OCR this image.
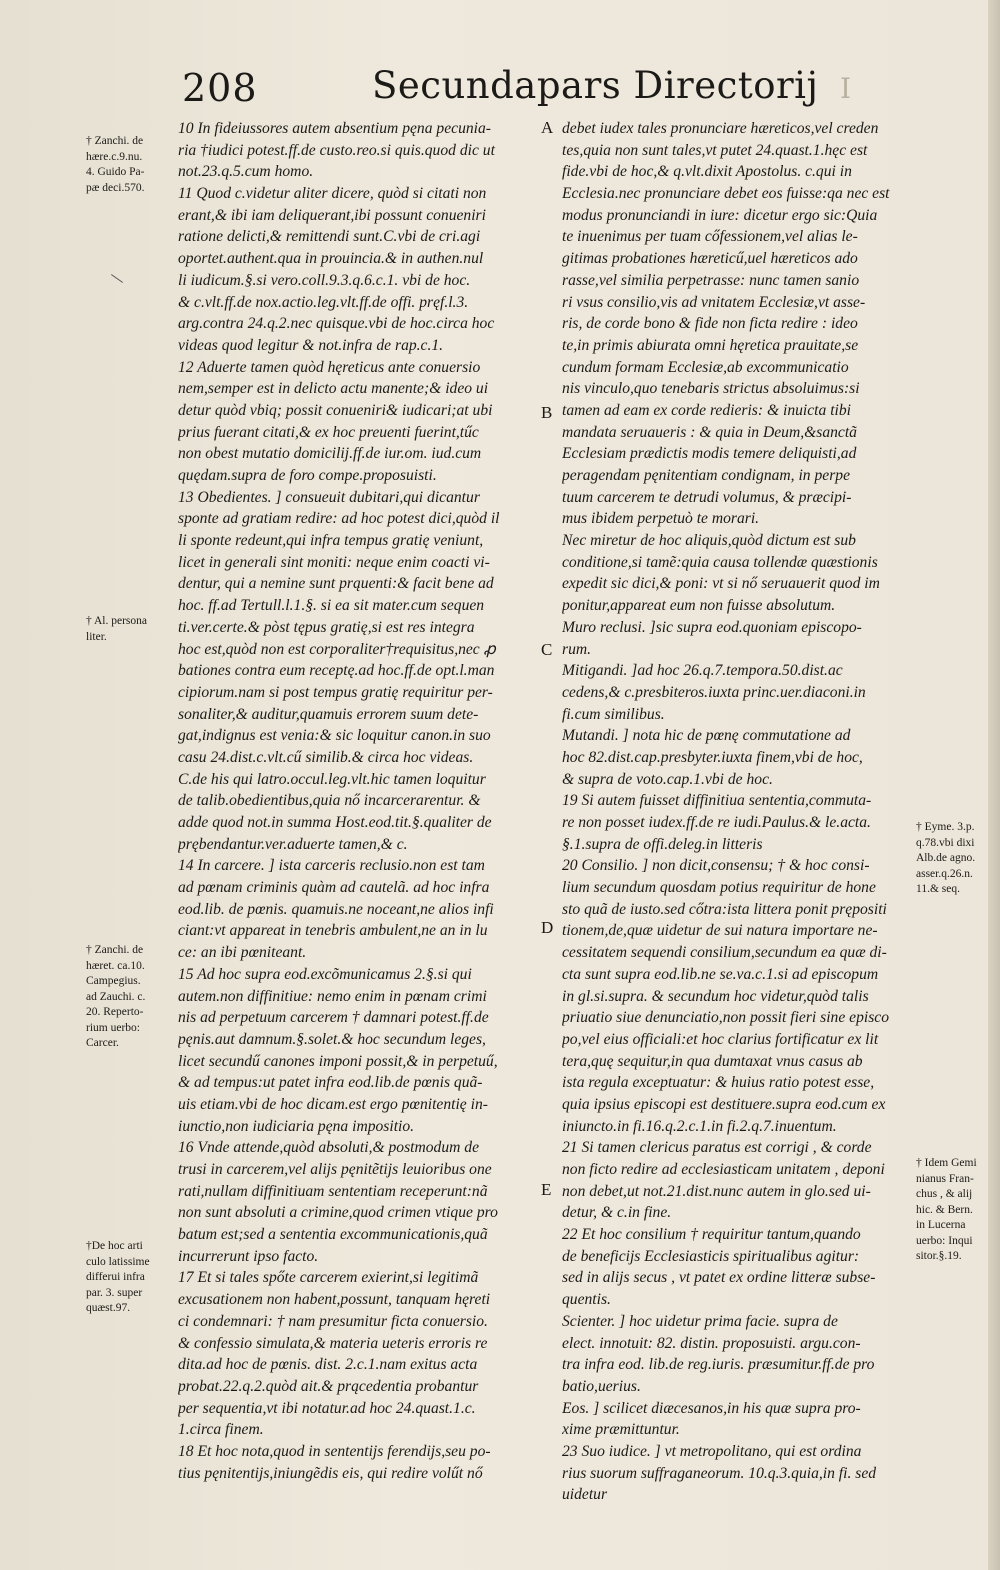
208	Secundapars Directorij I
10 In fideiussores autem absentium pęna pecunia-
ria †iudici potest.ff.de custo.reo.si quis.quod dic ut
not.23.q.5.cum homo.
11 Quod c.videtur aliter dicere, quòd si citati non
erant,& ibi iam deliquerant,ibi possunt conueniri
ratione delicti,& remittendi sunt.C.vbi de cri.agi
oportet.authent.qua in prouincia.& in authen.nul
li iudicum.§.si vero.coll.9.3.q.6.c.1. vbi de hoc.
& c.vlt.ff.de nox.actio.leg.vlt.ff.de offi. pręf.l.3.
arg.contra 24.q.2.nec quisque.vbi de hoc.circa hoc
videas quod legitur & not.infra de rap.c.1.
12 Aduerte tamen quòd hęreticus ante conuersio
nem,semper est in delicto actu manente;& ideo ui
detur quòd vbiq; possit conueniri& iudicari;at ubi
prius fuerant citati,& ex hoc preuenti fuerint,tűc
non obest mutatio domicilij.ff.de iur.om. iud.cum
quędam.supra de foro compe.proposuisti.
13 Obedientes. ] consueuit dubitari,qui dicantur
sponte ad gratiam redire: ad hoc potest dici,quòd il
li sponte redeunt,qui infra tempus gratię veniunt,
licet in generali sint moniti: neque enim coacti vi-
dentur, qui a nemine sunt prąuenti:& facit bene ad
hoc. ff.ad Tertull.l.1.§. si ea sit mater.cum sequen
ti.ver.certe.& pòst tępus gratię,si est res integra
hoc est,quòd non est corporaliter†requisitus,nec ꝓ
bationes contra eum receptę.ad hoc.ff.de opt.l.man
cipiorum.nam si post tempus gratię requiritur per-
sonaliter,& auditur,quamuis errorem suum dete-
gat,indignus est venia:& sic loquitur canon.in suo
casu 24.dist.c.vlt.cű similib.& circa hoc videas.
C.de his qui latro.occul.leg.vlt.hic tamen loquitur
de talib.obedientibus,quia nő incarcerarentur. &
adde quod not.in summa Host.eod.tit.§.qualiter de
prębendantur.ver.aduerte tamen,& c.
14 In carcere. ] ista carceris reclusio.non est tam
ad pœnam criminis quàm ad cautelã. ad hoc infra
eod.lib. de pœnis. quamuis.ne noceant,ne alios infi
ciant:vt appareat in tenebris ambulent,ne an in lu
ce: an ibi pœniteant.
15 Ad hoc supra eod.excõmunicamus 2.§.si qui
autem.non diffinitiue: nemo enim in pœnam crimi
nis ad perpetuum carcerem † damnari potest.ff.de
pęnis.aut damnum.§.solet.& hoc secundum leges,
licet secundű canones imponi possit,& in perpetuű,
& ad tempus:ut patet infra eod.lib.de pœnis quã-
uis etiam.vbi de hoc dicam.est ergo pœnitentię in-
iunctio,non iudiciaria pęna impositio.
16 Vnde attende,quòd absoluti,& postmodum de
trusi in carcerem,vel alijs pęnitẽtijs leuioribus one
rati,nullam diffinitiuam sententiam receperunt:nã
non sunt absoluti a crimine,quod crimen vtique pro
batum est;sed a sententia excommunicationis,quã
incurrerunt ipso facto.
17 Et si tales spőte carcerem exierint,si legitimã
excusationem non habent,possunt, tanquam hęreti
ci condemnari: † nam presumitur ficta conuersio.
& confessio simulata,& materia ueteris erroris re
dita.ad hoc de pœnis. dist. 2.c.1.nam exitus acta
probat.22.q.2.quòd ait.& prącedentia probantur
per sequentia,vt ibi notatur.ad hoc 24.quast.1.c.
1.circa finem.
18 Et hoc nota,quod in sententijs ferendijs,seu po-
tius pęnitentijs,iniungẽdis eis, qui redire volűt nő
debet iudex tales pronunciare hæreticos,vel creden
tes,quia non sunt tales,vt putet 24.quast.1.hęc est
fide.vbi de hoc,& q.vlt.dixit Apostolus. c.qui in
Ecclesia.nec pronunciare debet eos fuisse:qa nec est
modus pronunciandi in iure: dicetur ergo sic:Quia
te inuenimus per tuam cőfessionem,vel alias le-
gitimas probationes hæreticű,uel hæreticos ado
rasse,vel similia perpetrasse: nunc tamen sanio
ri vsus consilio,vis ad vnitatem Ecclesiæ,vt asse-
ris, de corde bono & fide non ficta redire : ideo
te,in primis abiurata omni hęretica prauitate,se
cundum formam Ecclesiæ,ab excommunicatio
nis vinculo,quo tenebaris strictus absoluimus:si
tamen ad eam ex corde redieris: & inuicta tibi
mandata seruaueris : & quia in Deum,&sanctã
Ecclesiam prædictis modis temere deliquisti,ad
peragendam pęnitentiam condignam, in perpe
tuum carcerem te detrudi volumus, & præcipi-
mus ibidem perpetuò te morari.
Nec miretur de hoc aliquis,quòd dictum est sub
conditione,si tamẽ:quia causa tollendæ quæstionis
expedit sic dici,& poni: vt si nő seruauerit quod im
ponitur,appareat eum non fuisse absolutum.
Muro reclusi. ]sic supra eod.quoniam episcopo-
rum.
Mitigandi. ]ad hoc 26.q.7.tempora.50.dist.ac
cedens,& c.presbiteros.iuxta princ.uer.diaconi.in
fi.cum similibus.
Mutandi. ] nota hic de pœnę commutatione ad
hoc 82.dist.cap.presbyter.iuxta finem,vbi de hoc,
& supra de voto.cap.1.vbi de hoc.
19 Si autem fuisset diffinitiua sententia,commuta-
re non posset iudex.ff.de re iudi.Paulus.& le.acta.
§.1.supra de offi.deleg.in litteris
20 Consilio. ] non dicit,consensu; † & hoc consi-
lium secundum quosdam potius requiritur de hone
sto quã de iusto.sed cőtra:ista littera ponit prępositi
tionem,de,quæ uidetur de sui natura importare ne-
cessitatem sequendi consilium,secundum ea quæ di-
cta sunt supra eod.lib.ne se.va.c.1.si ad episcopum
in gl.si.supra. & secundum hoc videtur,quòd talis
priuatio siue denunciatio,non possit fieri sine episco
po,vel eius officiali:et hoc clarius fortificatur ex lit
tera,quę sequitur,in qua dumtaxat vnus casus ab
ista regula exceptuatur: & huius ratio potest esse,
quia ipsius episcopi est destituere.supra eod.cum ex
iniuncto.in fi.16.q.2.c.1.in fi.2.q.7.inuentum.
21 Si tamen clericus paratus est corrigi , & corde
non ficto redire ad ecclesiasticam unitatem , deponi
non debet,ut not.21.dist.nunc autem in glo.sed ui-
detur, & c.in fine.
22 Et hoc consilium † requiritur tantum,quando
de beneficijs Ecclesiasticis spiritualibus agitur:
sed in alijs secus , vt patet ex ordine litteræ subse-
quentis.
Scienter. ] hoc uidetur prima facie. supra de
elect. innotuit: 82. distin. proposuisti. argu.con-
tra infra eod. lib.de reg.iuris. præsumitur.ff.de pro
batio,uerius.
Eos. ] scilicet diæcesanos,in his quæ supra pro-
xime præmittuntur.
23 Suo iudice. ] vt metropolitano, qui est ordina
rius suorum suffraganeorum. 10.q.3.quia,in fi. sed
uidetur
A
B
C
D
E
† Zanchi. de
hære.c.9.nu.
4. Guido Pa-
pæ deci.570.
† Al. persona
liter.
† Zanchi. de
hæret. ca.10.
Campegius.
ad Zauchi. c.
20. Reperto-
rium uerbo:
Carcer.
†De hoc arti
culo latissime
differui infra
par. 3. super
quæst.97.
† Eyme. 3.p.
q.78.vbi dixi
Alb.de agno.
asser.q.26.n.
11.& seq.
† Idem Gemi
nianus Fran-
chus , & alij
hic. & Bern.
in Lucerna
uerbo: Inqui
sitor.§.19.
